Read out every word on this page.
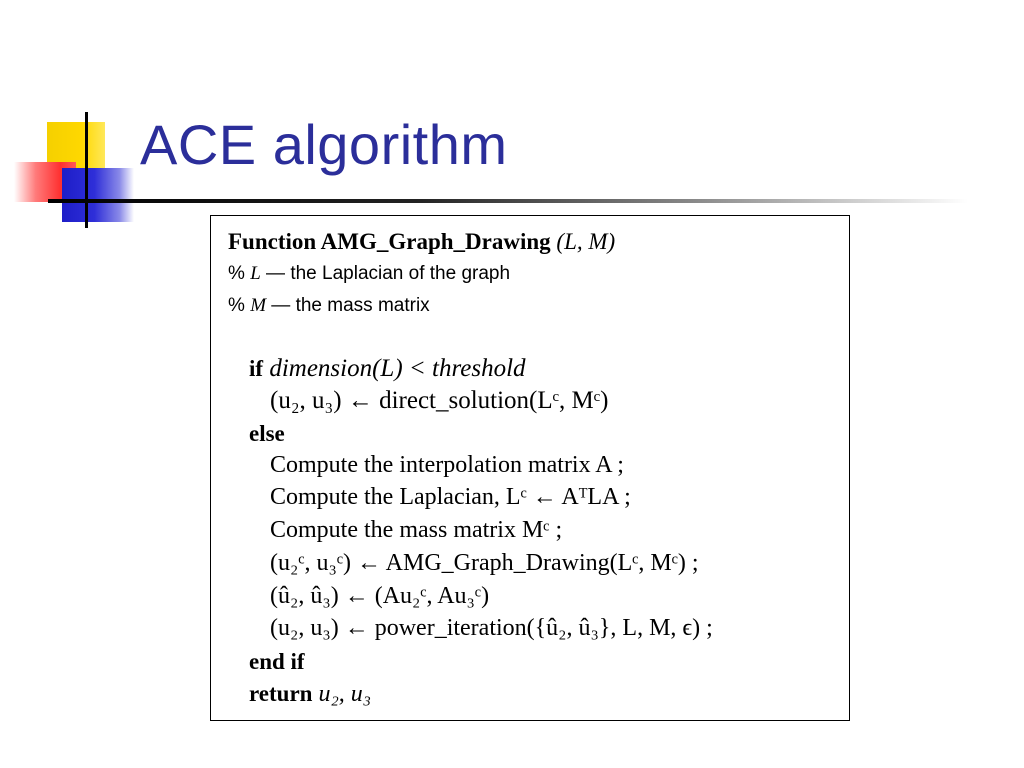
ACE algorithm
Function AMG_Graph_Drawing (L, M)
% L — the Laplacian of the graph
% M — the mass matrix
if dimension(L) < threshold
(u₂, u₃) ← direct_solution(Lᶜ, Mᶜ)
else
Compute the interpolation matrix A ;
Compute the Laplacian, Lᶜ ← AᵀLA ;
Compute the mass matrix Mᶜ ;
(u₂ᶜ, u₃ᶜ) ← AMG_Graph_Drawing(Lᶜ, Mᶜ) ;
(û₂, û₃) ← (Au₂ᶜ, Au₃ᶜ)
(u₂, u₃) ← power_iteration({û₂, û₃}, L, M, ϵ) ;
end if
return u₂, u₃
